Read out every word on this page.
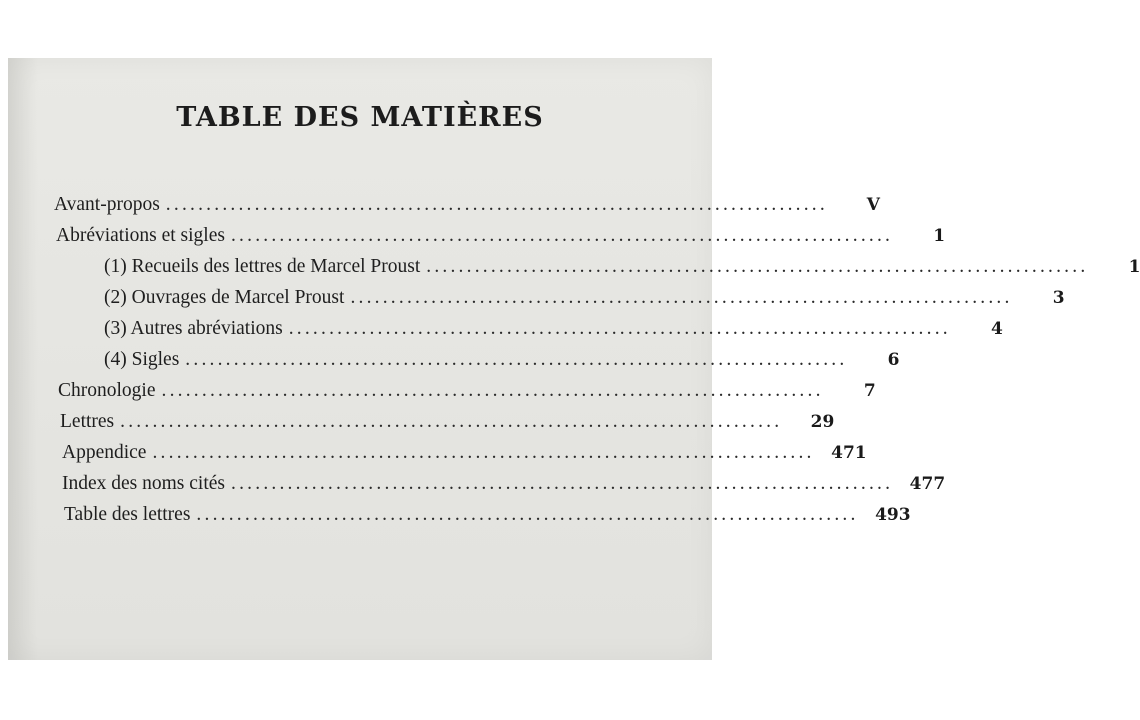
TABLE DES MATIÈRES
Avant-propos ..................................................................................	V
Abréviations et sigles ..................................................................................	1
(1) Recueils des lettres de Marcel Proust ..................................................................................	1
(2) Ouvrages de Marcel Proust ..................................................................................	3
(3) Autres abréviations ..................................................................................	4
(4) Sigles ..................................................................................	6
Chronologie ..................................................................................	7
Lettres ..................................................................................	29
Appendice .................................................................................. 471
Index des noms cités .................................................................................. 477
Table des lettres .................................................................................. 493
